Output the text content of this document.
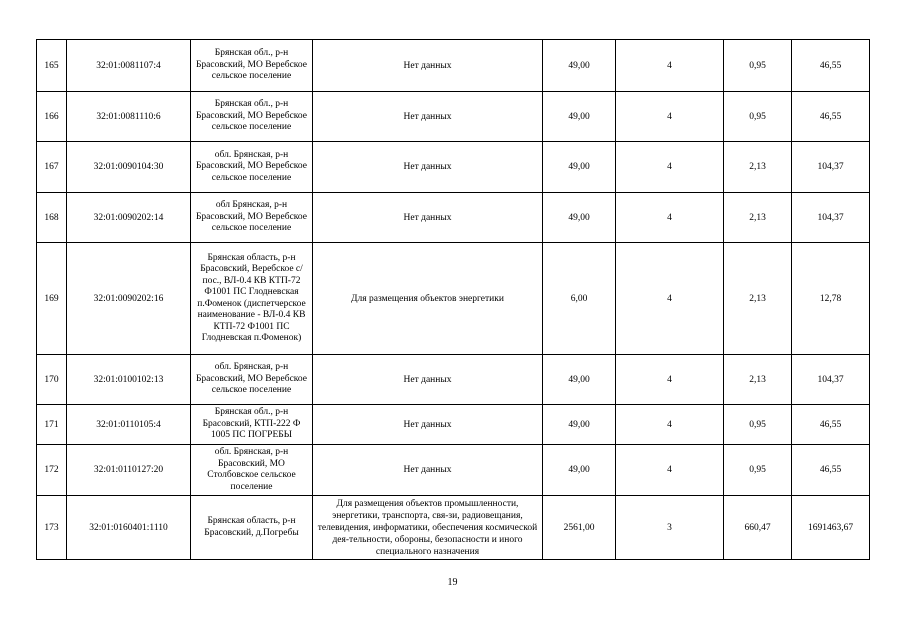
165	32:01:0081107:4	Брянская обл., р-н Брасовский, МО Веребское сельское поселение	Нет данных	49,00	4	0,95	46,55
166	32:01:0081110:6	Брянская обл., р-н Брасовский, МО Веребское сельское поселение	Нет данных	49,00	4	0,95	46,55
167	32:01:0090104:30	обл. Брянская, р-н Брасовский, МО Веребское сельское поселение	Нет данных	49,00	4	2,13	104,37
168	32:01:0090202:14	обл Брянская, р-н Брасовский, МО Веребское сельское поселение	Нет данных	49,00	4	2,13	104,37
169	32:01:0090202:16	Брянская область, р-н Брасовский, Веребское с/пос., ВЛ-0.4 КВ КТП-72 Ф1001 ПС Глодневская п.Фоменок (диспетчерское наименование - ВЛ-0.4 КВ КТП-72 Ф1001 ПС Глодневская п.Фоменок)	Для размещения объектов энергетики	6,00	4	2,13	12,78
170	32:01:0100102:13	обл. Брянская, р-н Брасовский, МО Веребское сельское поселение	Нет данных	49,00	4	2,13	104,37
171	32:01:0110105:4	Брянская обл., р-н Брасовский, КТП-222 Ф 1005 ПС ПОГРЕБЫ	Нет данных	49,00	4	0,95	46,55
172	32:01:0110127:20	обл. Брянская, р-н Брасовский, МО Столбовское сельское поселение	Нет данных	49,00	4	0,95	46,55
173	32:01:0160401:1110	Брянская область, р-н Брасовский, д.Погребы	Для размещения объектов промышленности, энергетики, транспорта, свя-зи, радиовещания, телевидения, информатики, обеспечения космической дея-тельности, обороны, безопасности и иного специального назначения	2561,00	3	660,47	1691463,67
19
